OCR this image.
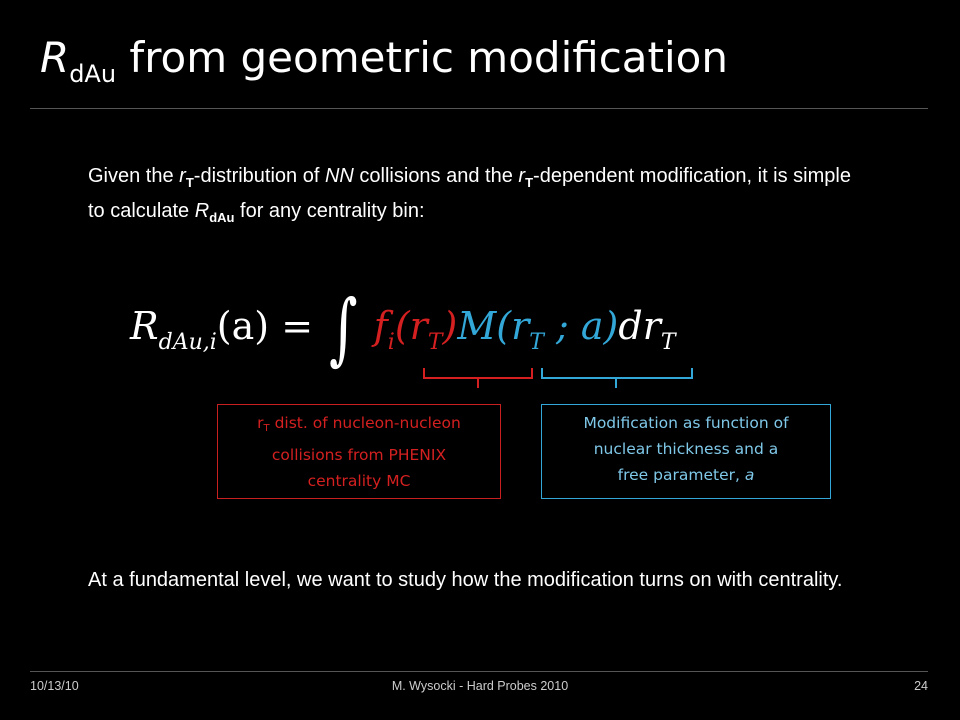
$R_{dAu}$ from geometric modification
Given the $r_T$-distribution of NN collisions and the $r_T$-dependent modification, it is simple to calculate $R_{dAu}$ for any centrality bin:
$R_{dAu,i}(a)$ = ∫ $f_i(r_T)M(r_T$ ; $a)dr_T$
rT dist. of nucleon-nucleon
collisions from PHENIX
centrality MC
Modification as function of
nuclear thickness and a
free parameter, a
At a fundamental level, we want to study how the modification turns on with centrality.
10/13/10	M. Wysocki - Hard Probes 2010	24
